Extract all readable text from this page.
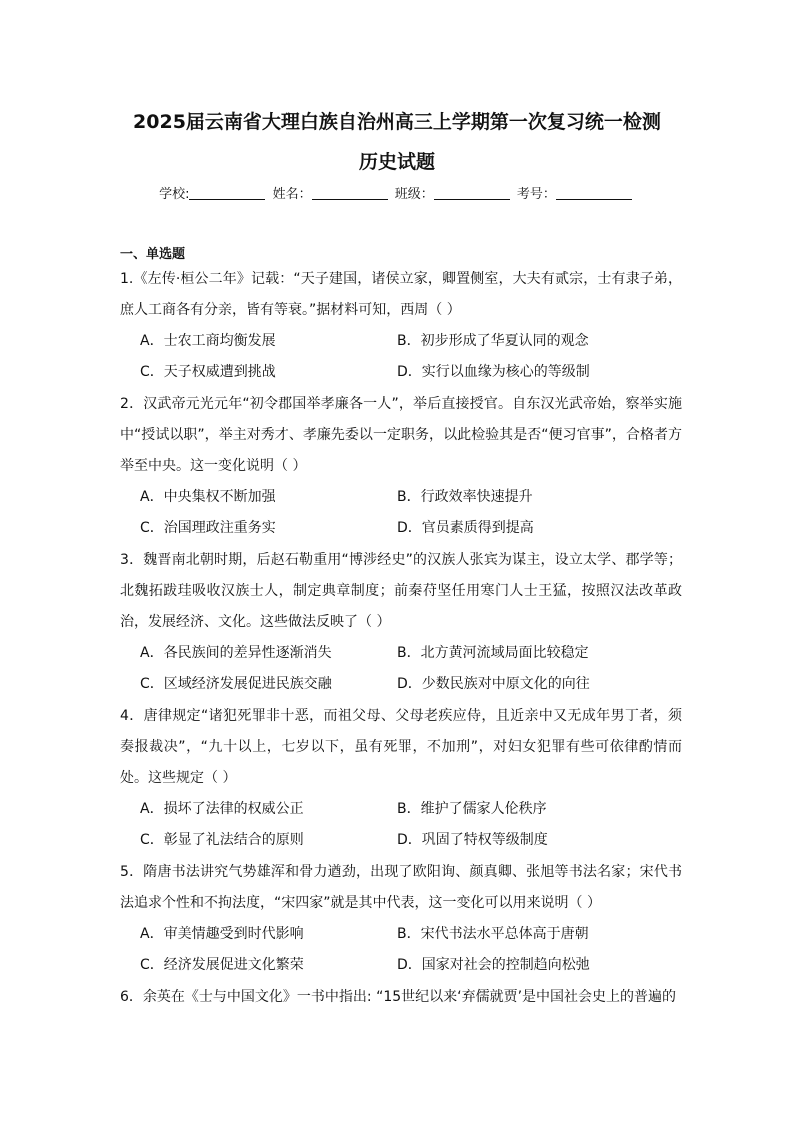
2025届云南省大理白族自治州高三上学期第一次复习统一检测
历史试题
学校:	姓名：	班级：	考号：
一、单选题
1.《左传·桓公二年》记载：“天子建国，诸侯立家，卿置侧室，大夫有贰宗，士有隶子弟，庶人工商各有分亲，皆有等衰。”据材料可知，西周（ ）
A．士农工商均衡发展	B．初步形成了华夏认同的观念
C．天子权威遭到挑战	D．实行以血缘为核心的等级制
2．汉武帝元光元年“初令郡国举孝廉各一人”，举后直接授官。自东汉光武帝始，察举实施中“授试以职”，举主对秀才、孝廉先委以一定职务，以此检验其是否“便习官事”，合格者方举至中央。这一变化说明（ ）
A．中央集权不断加强	B．行政效率快速提升
C．治国理政注重务实	D．官员素质得到提高
3．魏晋南北朝时期，后赵石勒重用“博涉经史”的汉族人张宾为谋主，设立太学、郡学等；北魏拓跋珪吸收汉族士人，制定典章制度；前秦苻坚任用寒门人士王猛，按照汉法改革政治，发展经济、文化。这些做法反映了（ ）
A．各民族间的差异性逐渐消失	B．北方黄河流域局面比较稳定
C．区域经济发展促进民族交融	D．少数民族对中原文化的向往
4．唐律规定“诸犯死罪非十恶，而祖父母、父母老疾应侍，且近亲中又无成年男丁者，须奏报裁决”，“九十以上，七岁以下，虽有死罪，不加刑”，对妇女犯罪有些可依律酌情而处。这些规定（ ）
A．损坏了法律的权威公正	B．维护了儒家人伦秩序
C．彰显了礼法结合的原则	D．巩固了特权等级制度
5．隋唐书法讲究气势雄浑和骨力遒劲，出现了欧阳询、颜真卿、张旭等书法名家；宋代书法追求个性和不拘法度，“宋四家”就是其中代表，这一变化可以用来说明（ ）
A．审美情趣受到时代影响	B．宋代书法水平总体高于唐朝
C．经济发展促进文化繁荣	D．国家对社会的控制趋向松弛
6．余英在《士与中国文化》一书中指出: “15世纪以来‘弃儒就贾’是中国社会史上的普遍的
